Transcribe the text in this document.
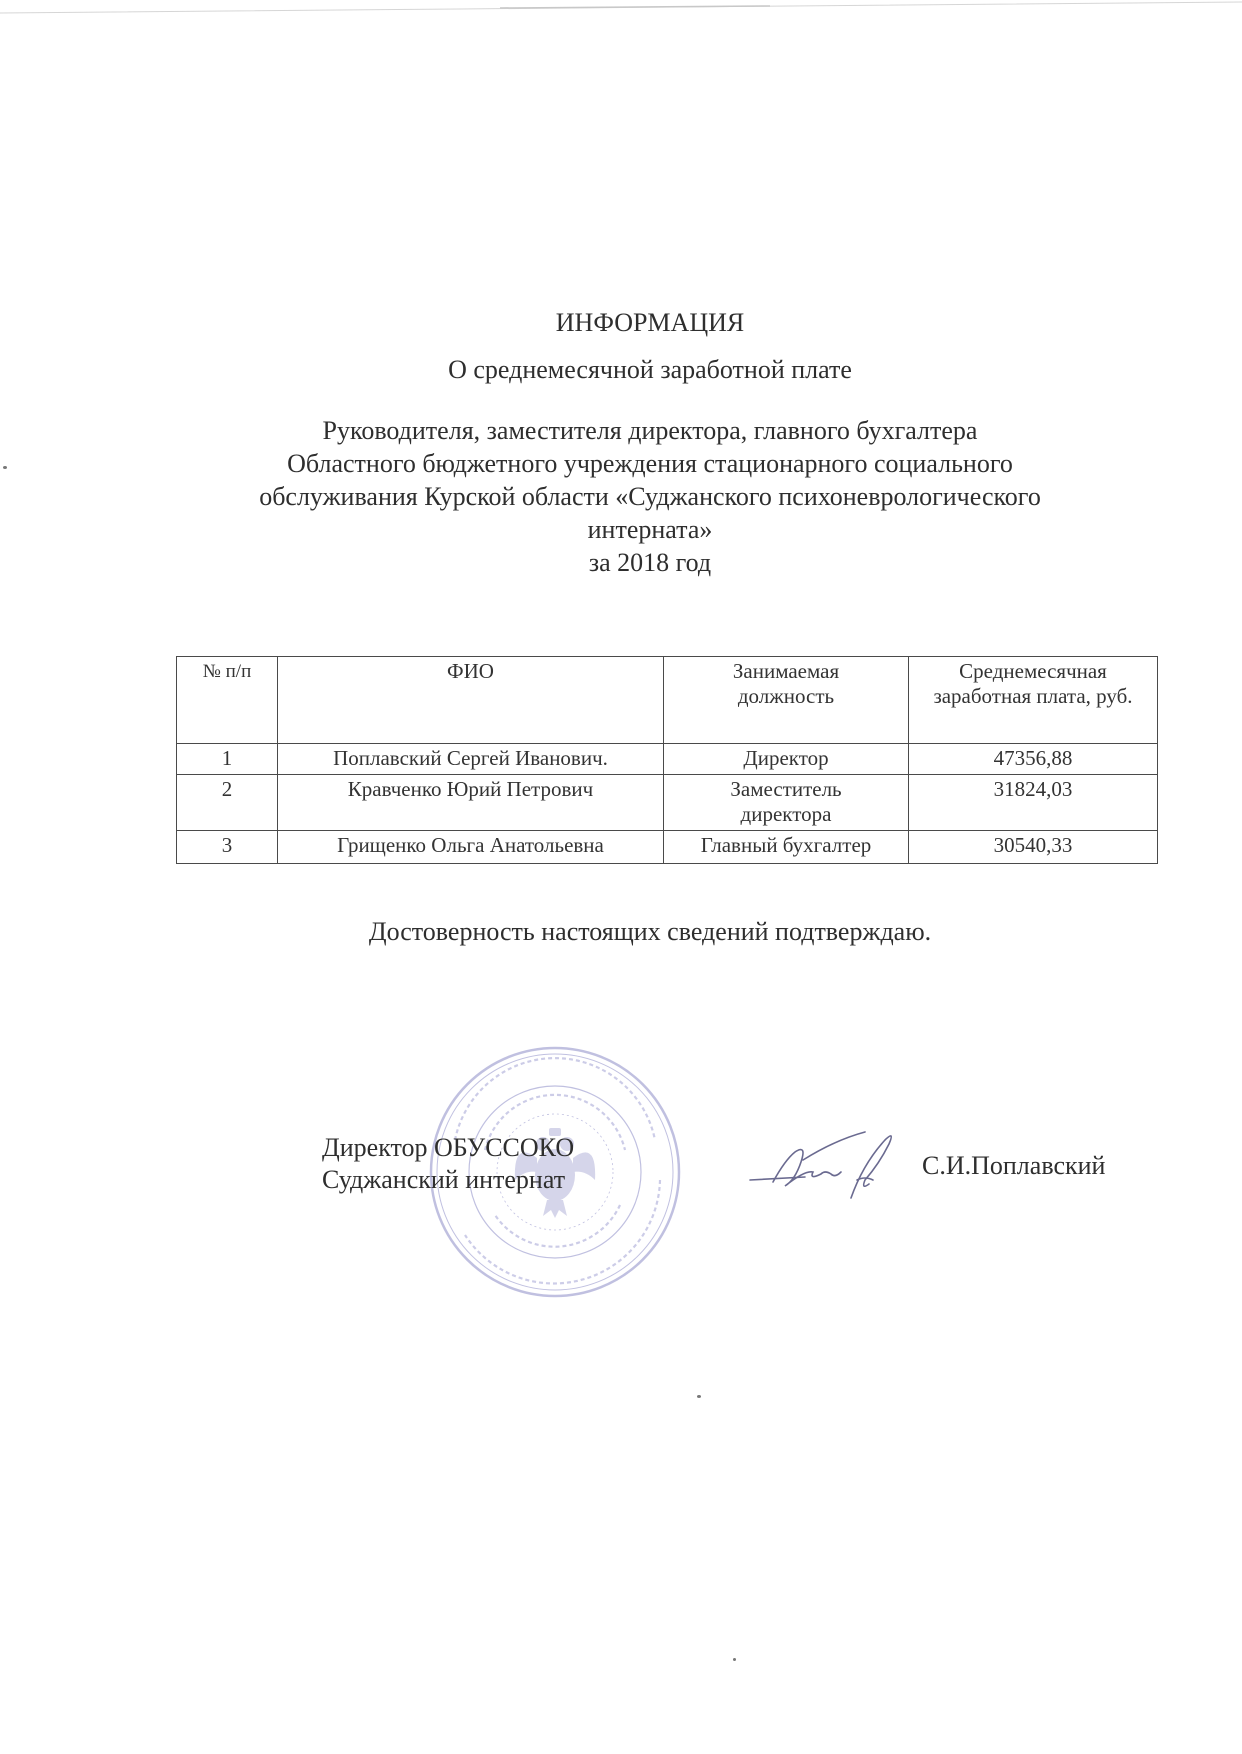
ИНФОРМАЦИЯ
О среднемесячной заработной плате
Руководителя, заместителя директора, главного бухгалтера
Областного бюджетного учреждения стационарного социального
обслуживания Курской области «Суджанского психоневрологического
интерната»
за 2018 год
№ п/п	ФИО	Занимаемая должность	Среднемесячная заработная плата, руб.
1	Поплавский Сергей Иванович.	Директор	47356,88
2	Кравченко Юрий Петрович	Заместитель директора	31824,03
3	Грищенко Ольга Анатольевна	Главный бухгалтер	30540,33
Достоверность настоящих сведений подтверждаю.
Директор ОБУССОКО
Суджанский интернат	С.И.Поплавский
